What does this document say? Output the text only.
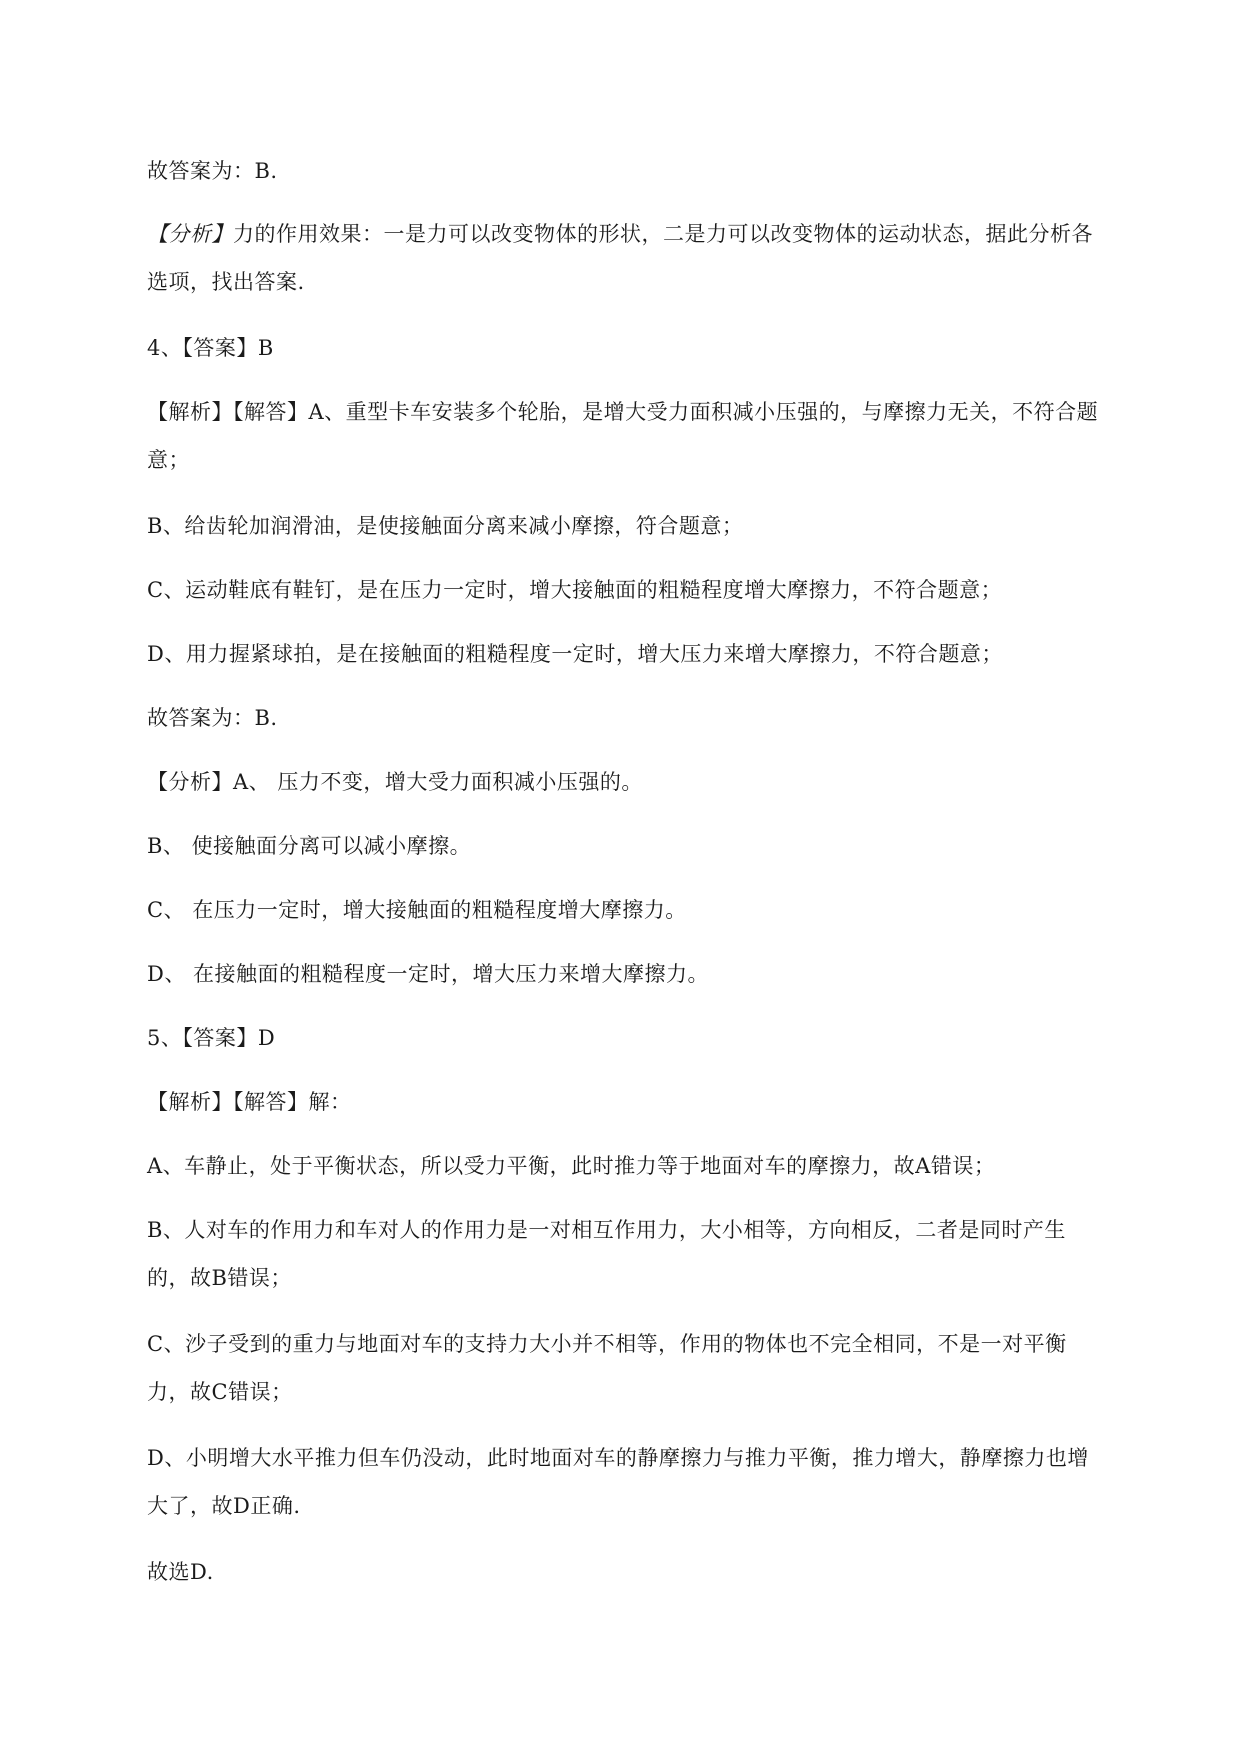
故答案为：B.

【分析】力的作用效果：一是力可以改变物体的形状，二是力可以改变物体的运动状态，据此分析各
选项，找出答案.

4、【答案】B

【解析】【解答】A、重型卡车安装多个轮胎，是增大受力面积减小压强的，与摩擦力无关，不符合题
意；

B、给齿轮加润滑油，是使接触面分离来减小摩擦，符合题意；

C、运动鞋底有鞋钉，是在压力一定时，增大接触面的粗糙程度增大摩擦力，不符合题意；

D、用力握紧球拍，是在接触面的粗糙程度一定时，增大压力来增大摩擦力，不符合题意；

故答案为：B.

【分析】A、 压力不变，增大受力面积减小压强的。

B、 使接触面分离可以减小摩擦。

C、 在压力一定时，增大接触面的粗糙程度增大摩擦力。

D、 在接触面的粗糙程度一定时，增大压力来增大摩擦力。

5、【答案】D

【解析】【解答】解：

A、车静止，处于平衡状态，所以受力平衡，此时推力等于地面对车的摩擦力，故A错误；

B、人对车的作用力和车对人的作用力是一对相互作用力，大小相等，方向相反，二者是同时产生
的，故B错误；

C、沙子受到的重力与地面对车的支持力大小并不相等，作用的物体也不完全相同，不是一对平衡
力，故C错误；

D、小明增大水平推力但车仍没动，此时地面对车的静摩擦力与推力平衡，推力增大，静摩擦力也增
大了，故D正确.

故选D.
